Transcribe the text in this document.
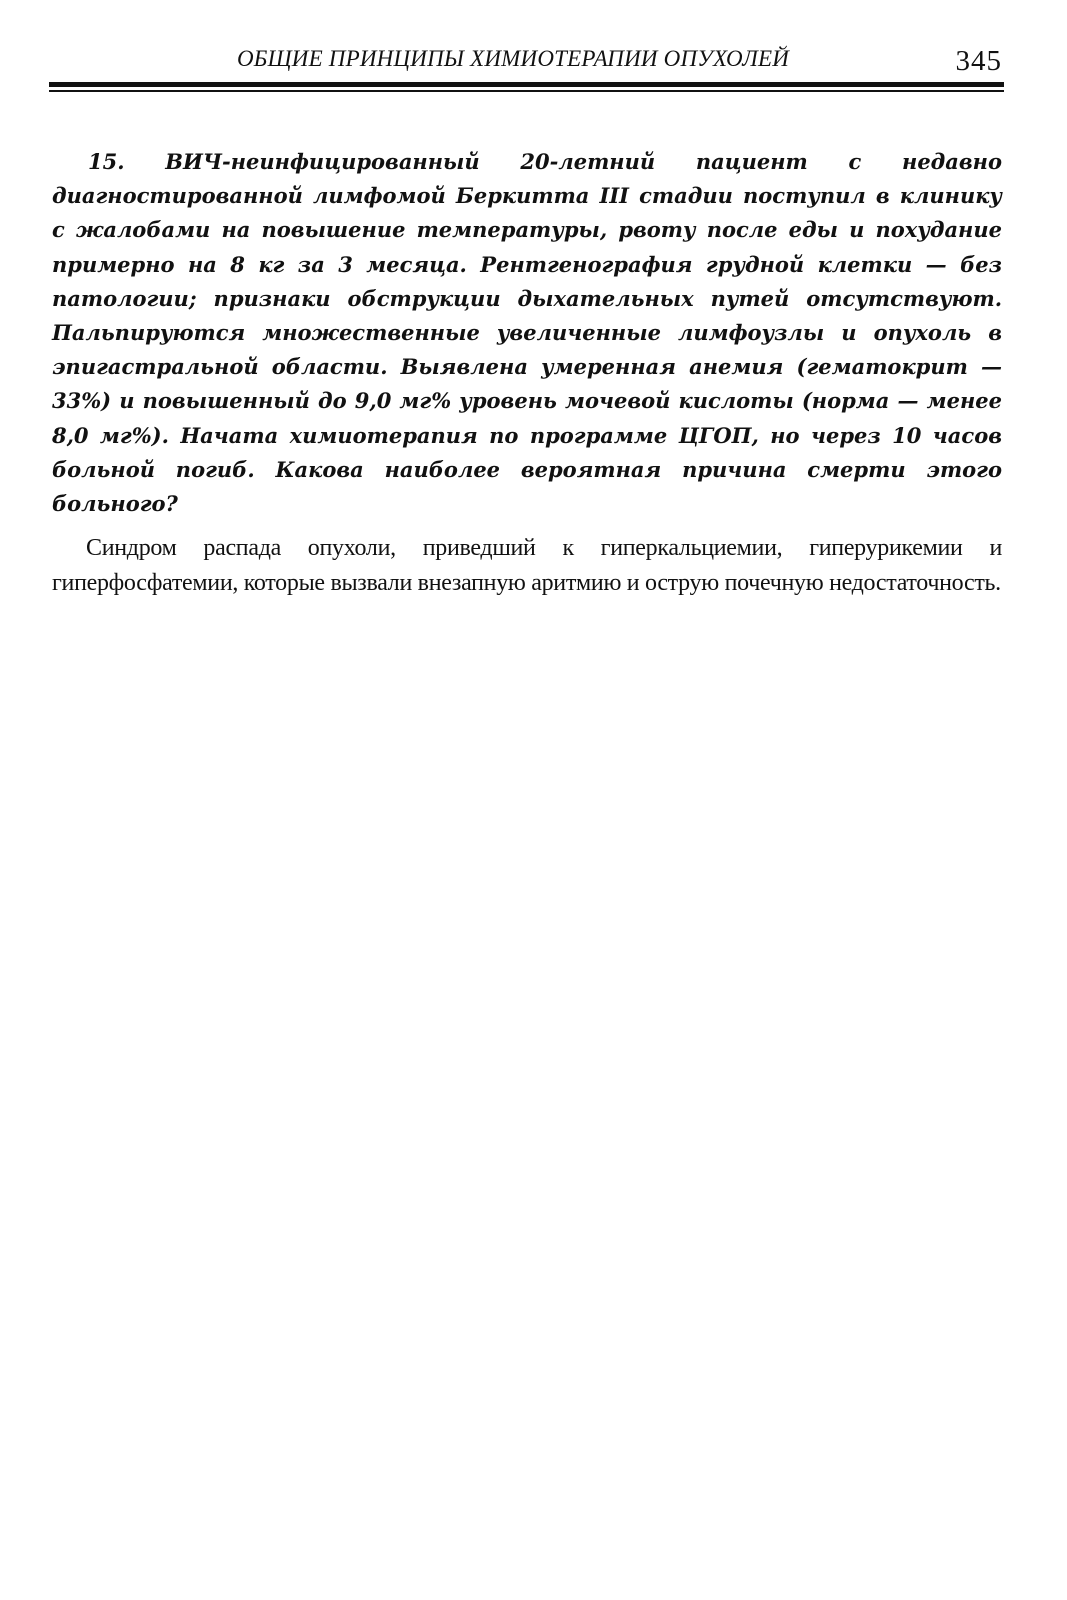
ОБЩИЕ ПРИНЦИПЫ ХИМИОТЕРАПИИ ОПУХОЛЕЙ	345

15. ВИЧ-неинфицированный 20-летний пациент с недавно диагностированной лимфомой Беркитта III стадии поступил в клинику с жалобами на повышение температуры, рвоту после еды и похудание примерно на 8 кг за 3 месяца. Рентгенография грудной клетки — без патологии; признаки обструкции дыхательных путей отсутствуют. Пальпируются множественные увеличенные лимфоузлы и опухоль в эпигастральной области. Выявлена умеренная анемия (гематокрит — 33%) и повышенный до 9,0 мг% уровень мочевой кислоты (норма — менее 8,0 мг%). Начата химиотерапия по программе ЦГОП, но через 10 часов больной погиб. Какова наиболее вероятная причина смерти этого больного?

Синдром распада опухоли, приведший к гиперкальциемии, гиперурикемии и гиперфосфатемии, которые вызвали внезапную аритмию и острую почечную недостаточность.
